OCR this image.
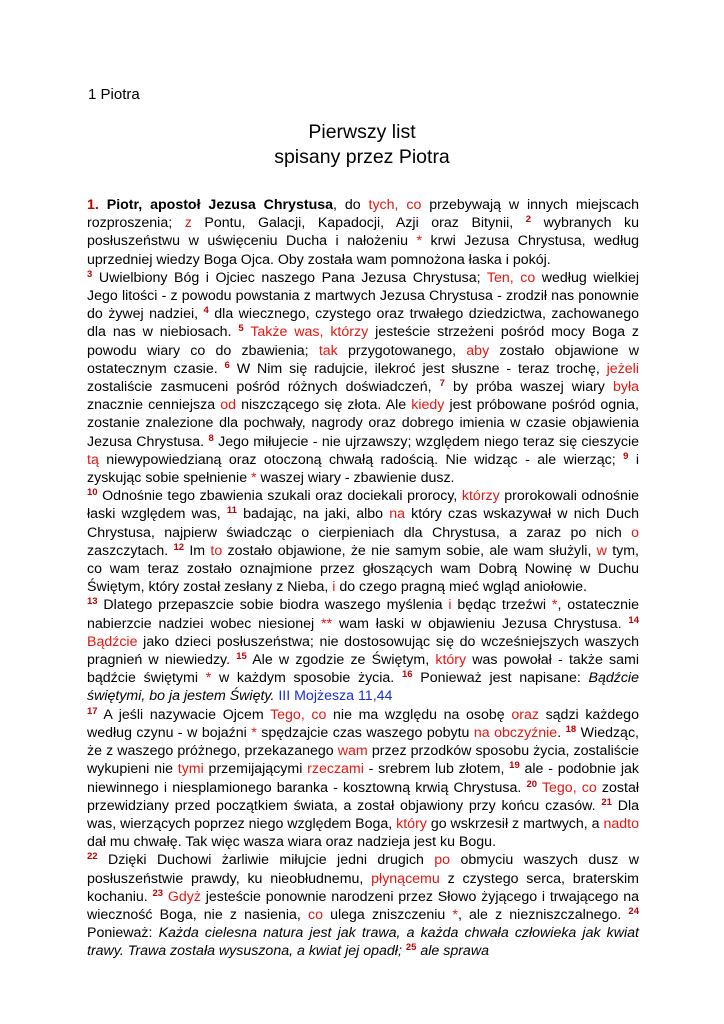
1 Piotra
Pierwszy list
spisany przez Piotra
1. Piotr, apostoł Jezusa Chrystusa, do tych, co przebywają w innych miejscach rozproszenia; z Pontu, Galacji, Kapadocji, Azji oraz Bitynii, $^2$ wybranych ku posłuszeństwu w uświęceniu Ducha i nałożeniu * krwi Jezusa Chrystusa, według uprzedniej wiedzy Boga Ojca. Oby została wam pomnożona łaska i pokój.
$^3$ Uwielbiony Bóg i Ojciec naszego Pana Jezusa Chrystusa; Ten, co według wielkiej Jego litości - z powodu powstania z martwych Jezusa Chrystusa - zrodził nas ponownie do żywej nadziei, $^4$ dla wiecznego, czystego oraz trwałego dziedzictwa, zachowanego dla nas w niebiosach. $^5$ Także was, którzy jesteście strzeżeni pośród mocy Boga z powodu wiary co do zbawienia; tak przygotowanego, aby zostało objawione w ostatecznym czasie. $^6$ W Nim się radujcie, ilekroć jest słuszne - teraz trochę, jeżeli zostaliście zasmuceni pośród różnych doświadczeń, $^7$ by próba waszej wiary była znacznie cenniejsza od niszczącego się złota. Ale kiedy jest próbowane pośród ognia, zostanie znalezione dla pochwały, nagrody oraz dobrego imienia w czasie objawienia Jezusa Chrystusa. $^8$ Jego miłujecie - nie ujrzawszy; względem niego teraz się cieszycie tą niewypowiedzianą oraz otoczoną chwałą radością. Nie widząc - ale wierząc; $^9$ i zyskując sobie spełnienie * waszej wiary - zbawienie dusz.
$^{10}$ Odnośnie tego zbawienia szukali oraz dociekali prorocy, którzy prorokowali odnośnie łaski względem was, $^{11}$ badając, na jaki, albo na który czas wskazywał w nich Duch Chrystusa, najpierw świadcząc o cierpieniach dla Chrystusa, a zaraz po nich o zaszczytach. $^{12}$ Im to zostało objawione, że nie samym sobie, ale wam służyli, w tym, co wam teraz zostało oznajmione przez głoszących wam Dobrą Nowinę w Duchu Świętym, który został zesłany z Nieba, i do czego pragną mieć wgląd aniołowie.
$^{13}$ Dlatego przepaszcie sobie biodra waszego myślenia i będąc trzeźwi *, ostatecznie nabierzcie nadziei wobec niesionej ** wam łaski w objawieniu Jezusa Chrystusa. $^{14}$ Bądźcie jako dzieci posłuszeństwa; nie dostosowując się do wcześniejszych waszych pragnień w niewiedzy. $^{15}$ Ale w zgodzie ze Świętym, który was powołał - także sami bądźcie świętymi * w każdym sposobie życia. $^{16}$ Ponieważ jest napisane: Bądźcie świętymi, bo ja jestem Święty. III Mojżesza 11,44
$^{17}$ A jeśli nazywacie Ojcem Tego, co nie ma względu na osobę oraz sądzi każdego według czynu - w bojaźni * spędzajcie czas waszego pobytu na obczyźnie. $^{18}$ Wiedząc, że z waszego próżnego, przekazanego wam przez przodków sposobu życia, zostaliście wykupieni nie tymi przemijającymi rzeczami - srebrem lub złotem, $^{19}$ ale - podobnie jak niewinnego i niesplamionego baranka - kosztowną krwią Chrystusa. $^{20}$ Tego, co został przewidziany przed początkiem świata, a został objawiony przy końcu czasów. $^{21}$ Dla was, wierzących poprzez niego względem Boga, który go wskrzesił z martwych, a nadto dał mu chwałę. Tak więc wasza wiara oraz nadzieja jest ku Bogu.
$^{22}$ Dzięki Duchowi żarliwie miłujcie jedni drugich po obmyciu waszych dusz w posłuszeństwie prawdy, ku nieobłudnemu, płynącemu z czystego serca, braterskim kochaniu. $^{23}$ Gdyż jesteście ponownie narodzeni przez Słowo żyjącego i trwającego na wieczność Boga, nie z nasienia, co ulega zniszczeniu *, ale z niezniszczalnego. $^{24}$ Ponieważ: Każda cielesna natura jest jak trawa, a każda chwała człowieka jak kwiat trawy. Trawa została wysuszona, a kwiat jej opadł; $^{25}$ ale sprawa
